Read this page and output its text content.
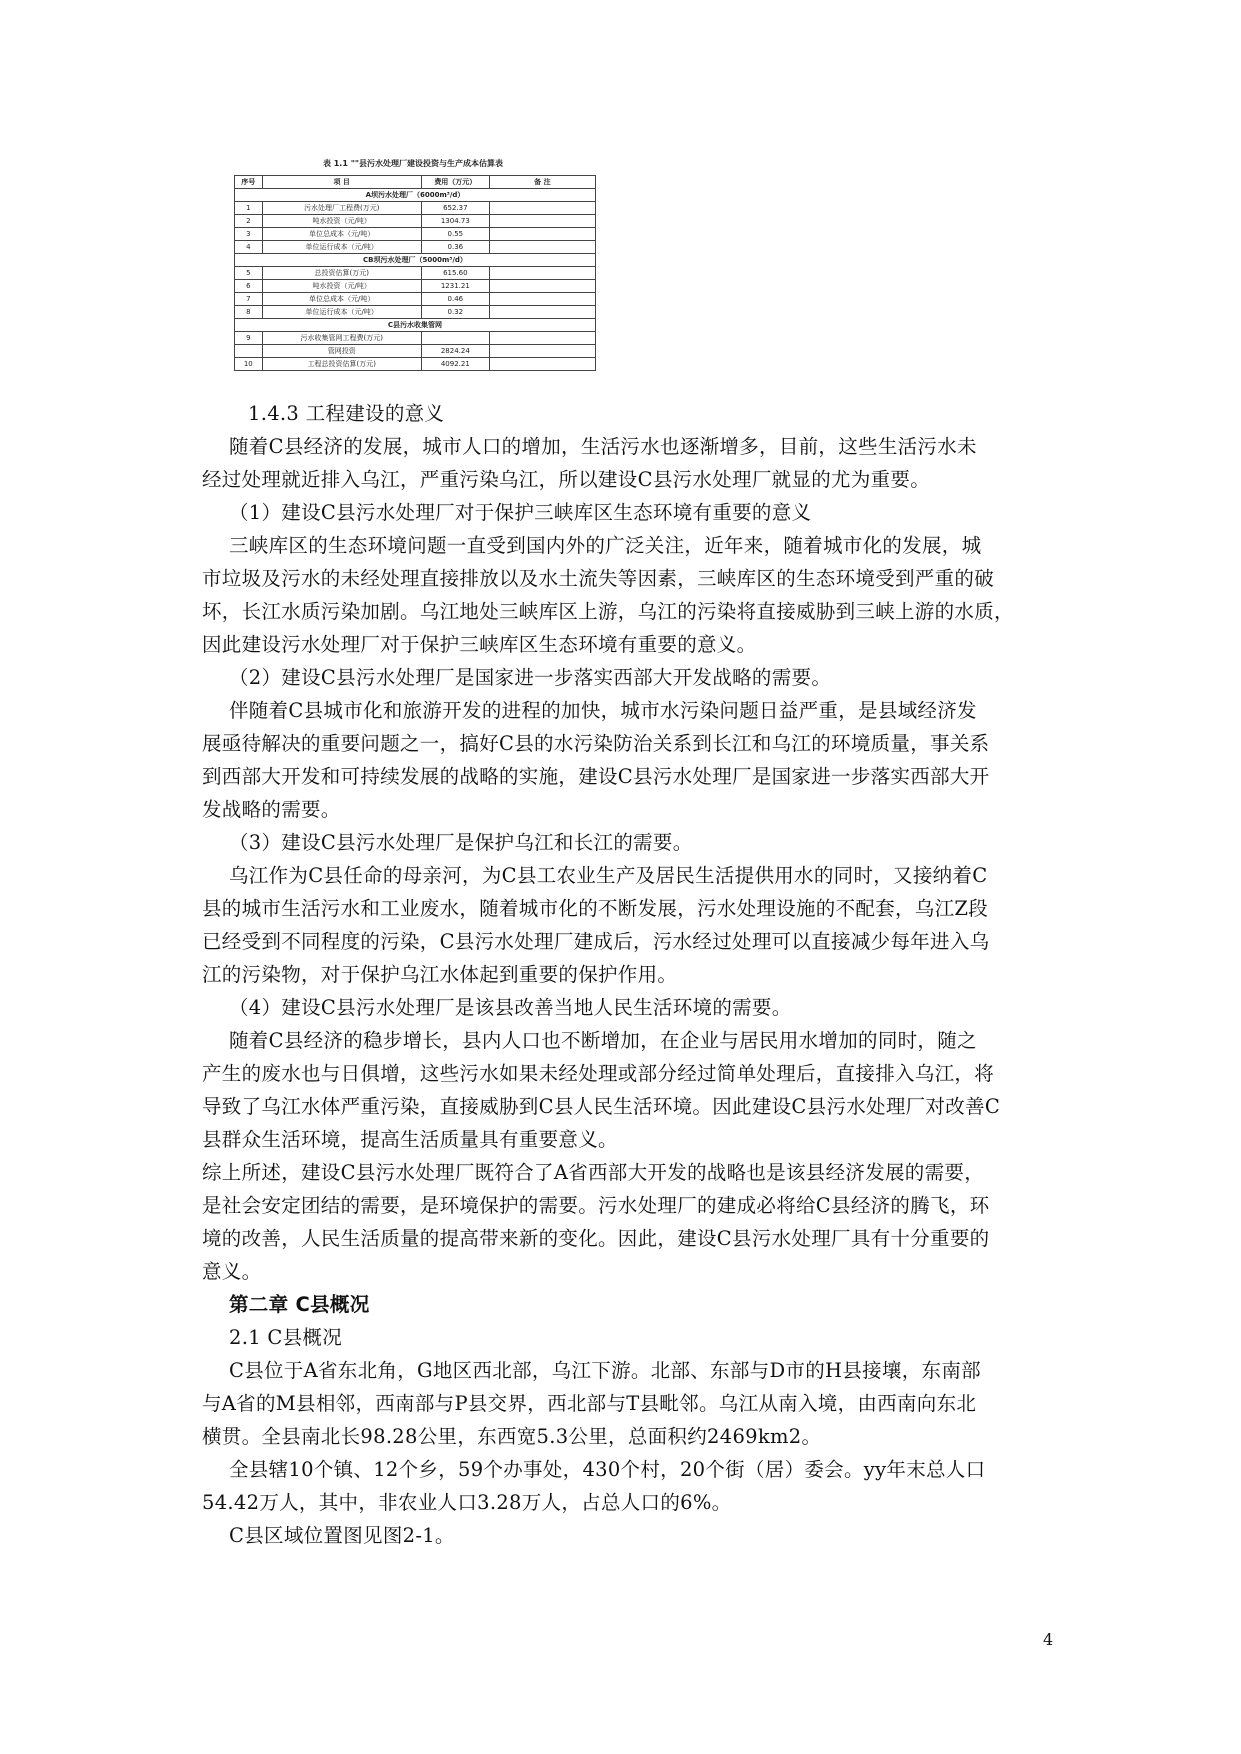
表 1.1 ""县污水处理厂建设投资与生产成本估算表
序号	项 目	费用（万元）	备 注
A坝污水处理厂（6000m³/d）			
1	污水处理厂工程费(万元)	652.37	
2	吨水投资（元/吨）	1304.73	
3	单位总成本（元/吨）	0.55	
4	单位运行成本（元/吨）	0.36	
CB坝污水处理厂（5000m³/d）			
5	总投资估算(万元)	615.60	
6	吨水投资（元/吨）	1231.21	
7	单位总成本（元/吨）	0.46	
8	单位运行成本（元/吨）	0.32	
C县污水收集管网			
9	污水收集管网工程费(万元)		
	管网投资	2824.24	
10	工程总投资估算(万元)	4092.21	
1.4.3 工程建设的意义
随着C县经济的发展，城市人口的增加，生活污水也逐渐增多，目前，这些生活污水未
经过处理就近排入乌江，严重污染乌江，所以建设C县污水处理厂就显的尤为重要。
（1）建设C县污水处理厂对于保护三峡库区生态环境有重要的意义
三峡库区的生态环境问题一直受到国内外的广泛关注，近年来，随着城市化的发展，城
市垃圾及污水的未经处理直接排放以及水土流失等因素，三峡库区的生态环境受到严重的破
坏，长江水质污染加剧。乌江地处三峡库区上游，乌江的污染将直接威胁到三峡上游的水质，
因此建设污水处理厂对于保护三峡库区生态环境有重要的意义。
（2）建设C县污水处理厂是国家进一步落实西部大开发战略的需要。
伴随着C县城市化和旅游开发的进程的加快，城市水污染问题日益严重，是县域经济发
展亟待解决的重要问题之一，搞好C县的水污染防治关系到长江和乌江的环境质量，事关系
到西部大开发和可持续发展的战略的实施，建设C县污水处理厂是国家进一步落实西部大开
发战略的需要。
（3）建设C县污水处理厂是保护乌江和长江的需要。
乌江作为C县任命的母亲河，为C县工农业生产及居民生活提供用水的同时，又接纳着C
县的城市生活污水和工业废水，随着城市化的不断发展，污水处理设施的不配套，乌江Z段
已经受到不同程度的污染，C县污水处理厂建成后，污水经过处理可以直接减少每年进入乌
江的污染物，对于保护乌江水体起到重要的保护作用。
（4）建设C县污水处理厂是该县改善当地人民生活环境的需要。
随着C县经济的稳步增长，县内人口也不断增加，在企业与居民用水增加的同时，随之
产生的废水也与日俱增，这些污水如果未经处理或部分经过简单处理后，直接排入乌江，将
导致了乌江水体严重污染，直接威胁到C县人民生活环境。因此建设C县污水处理厂对改善C
县群众生活环境，提高生活质量具有重要意义。
综上所述，建设C县污水处理厂既符合了A省西部大开发的战略也是该县经济发展的需要，
是社会安定团结的需要，是环境保护的需要。污水处理厂的建成必将给C县经济的腾飞，环
境的改善，人民生活质量的提高带来新的变化。因此，建设C县污水处理厂具有十分重要的
意义。
第二章 C县概况
2.1 C县概况
C县位于A省东北角，G地区西北部，乌江下游。北部、东部与D市的H县接壤，东南部
与A省的M县相邻，西南部与P县交界，西北部与T县毗邻。乌江从南入境，由西南向东北
横贯。全县南北长98.28公里，东西宽5.3公里，总面积约2469km2。
全县辖10个镇、12个乡，59个办事处，430个村，20个街（居）委会。yy年末总人口
54.42万人，其中，非农业人口3.28万人，占总人口的6%。
C县区域位置图见图2-1。
4
